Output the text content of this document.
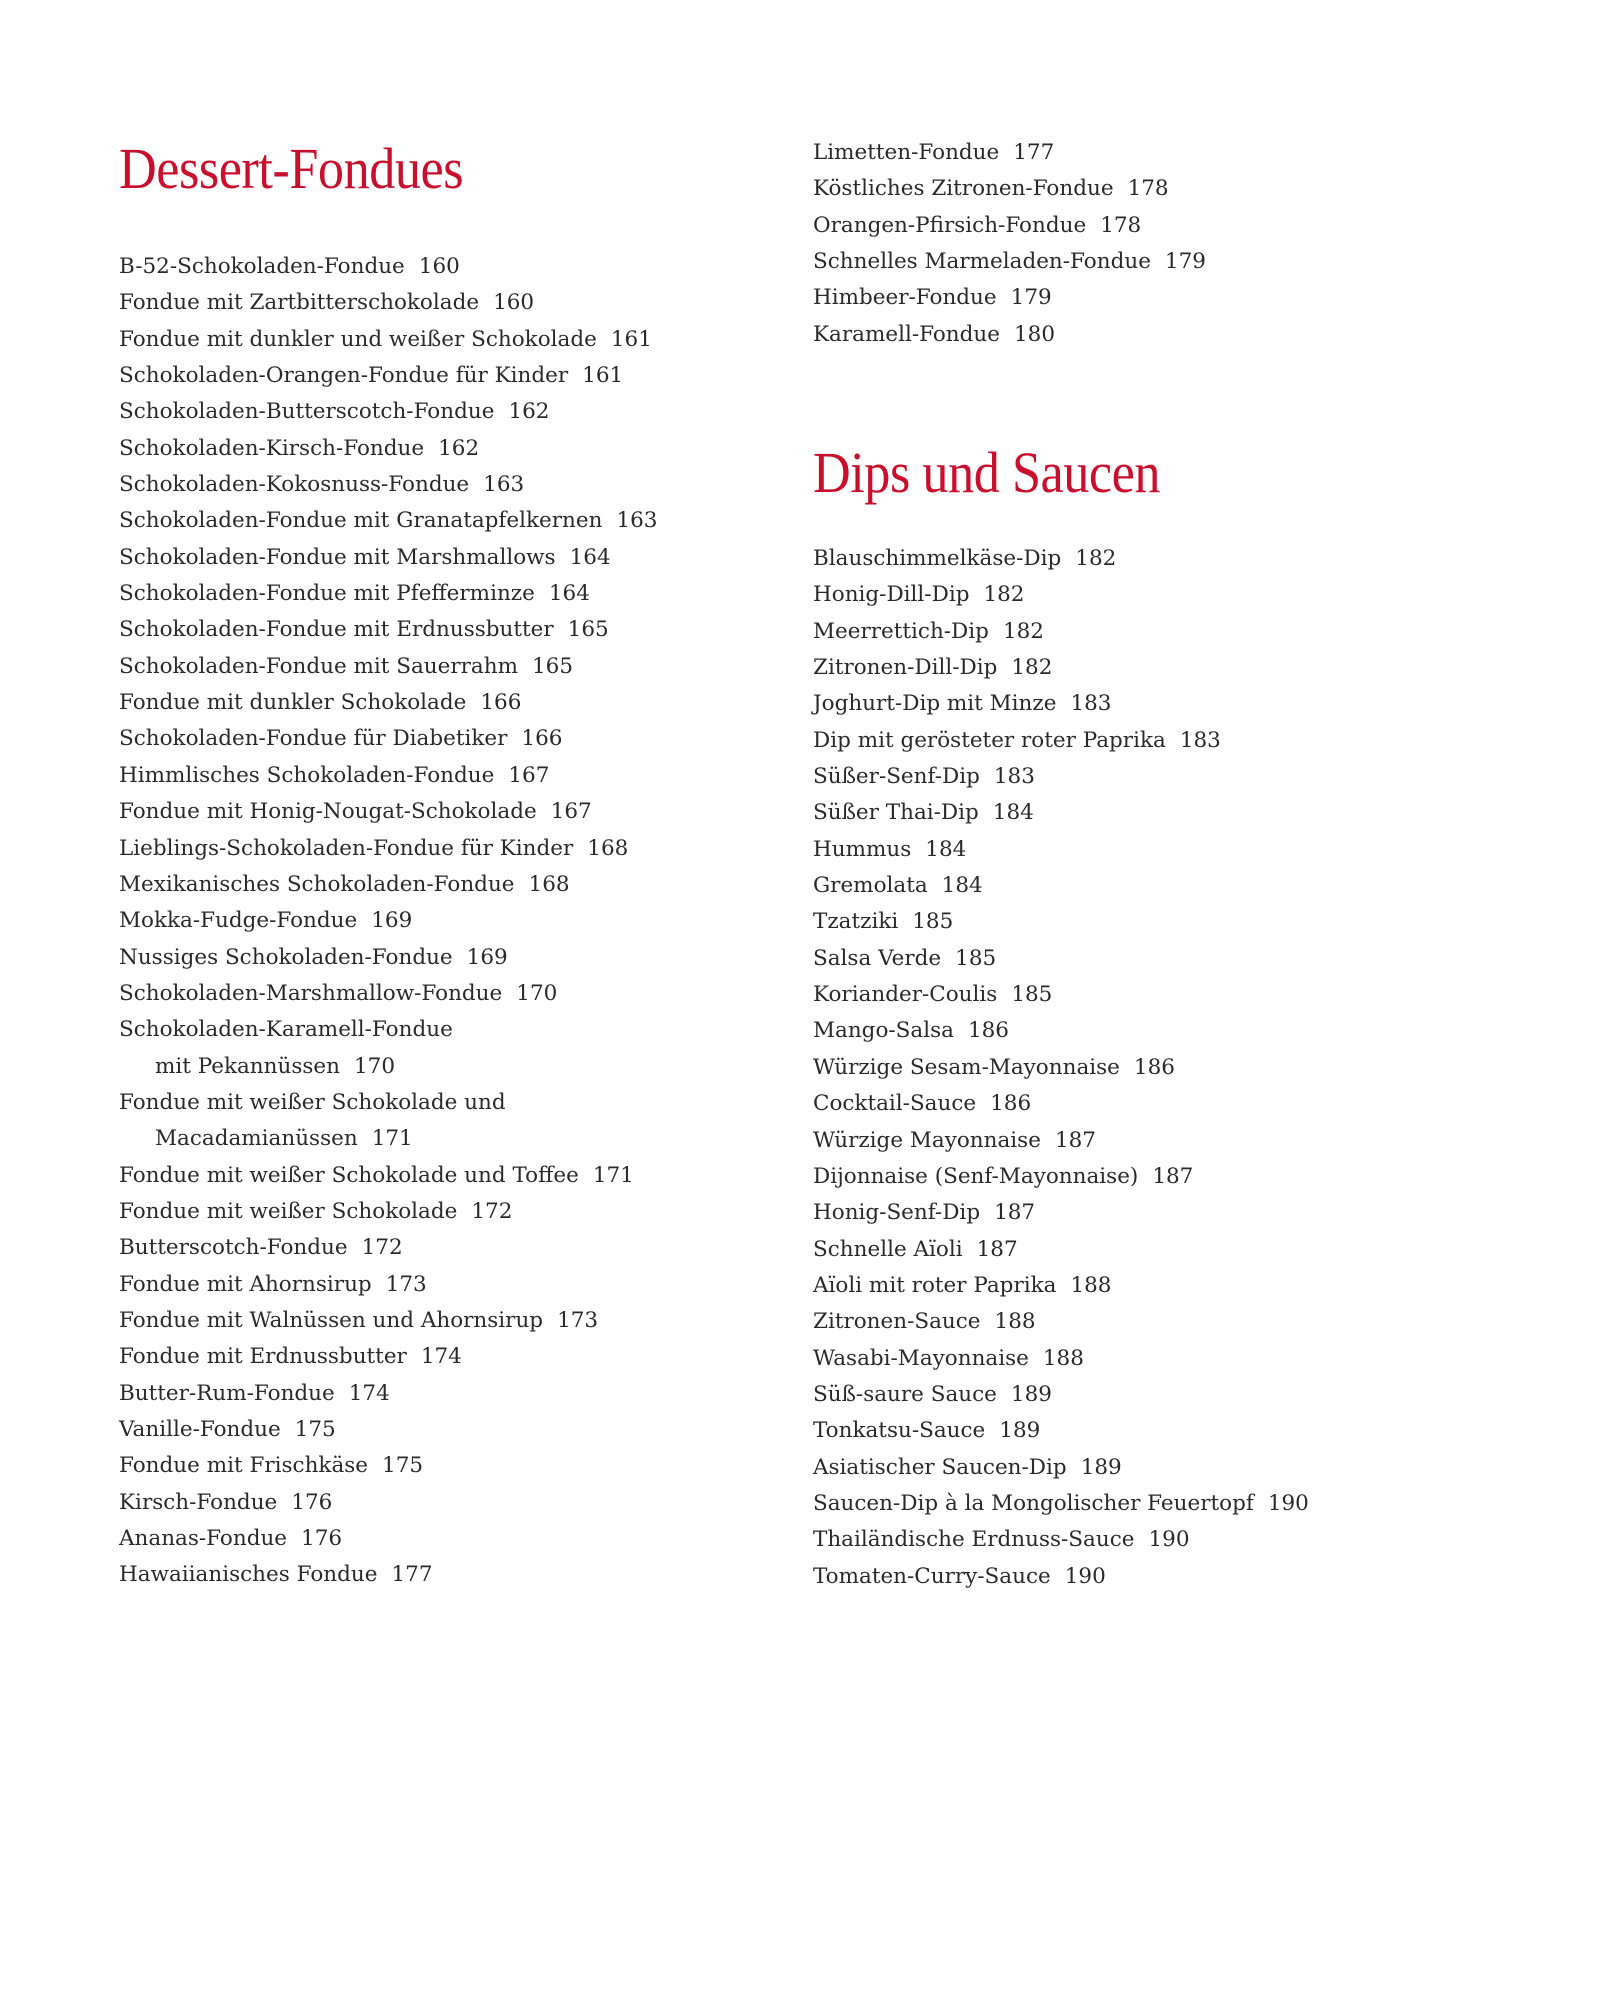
Dessert-Fondues
B-52-Schokoladen-Fondue 160
Fondue mit Zartbitterschokolade 160
Fondue mit dunkler und weißer Schokolade 161
Schokoladen-Orangen-Fondue für Kinder 161
Schokoladen-Butterscotch-Fondue 162
Schokoladen-Kirsch-Fondue 162
Schokoladen-Kokosnuss-Fondue 163
Schokoladen-Fondue mit Granatapfelkernen 163
Schokoladen-Fondue mit Marshmallows 164
Schokoladen-Fondue mit Pfefferminze 164
Schokoladen-Fondue mit Erdnussbutter 165
Schokoladen-Fondue mit Sauerrahm 165
Fondue mit dunkler Schokolade 166
Schokoladen-Fondue für Diabetiker 166
Himmlisches Schokoladen-Fondue 167
Fondue mit Honig-Nougat-Schokolade 167
Lieblings-Schokoladen-Fondue für Kinder 168
Mexikanisches Schokoladen-Fondue 168
Mokka-Fudge-Fondue 169
Nussiges Schokoladen-Fondue 169
Schokoladen-Marshmallow-Fondue 170
Schokoladen-Karamell-Fondue
mit Pekannüssen 170
Fondue mit weißer Schokolade und
Macadamianüssen 171
Fondue mit weißer Schokolade und Toffee 171
Fondue mit weißer Schokolade 172
Butterscotch-Fondue 172
Fondue mit Ahornsirup 173
Fondue mit Walnüssen und Ahornsirup 173
Fondue mit Erdnussbutter 174
Butter-Rum-Fondue 174
Vanille-Fondue 175
Fondue mit Frischkäse 175
Kirsch-Fondue 176
Ananas-Fondue 176
Hawaiianisches Fondue 177
Limetten-Fondue 177
Köstliches Zitronen-Fondue 178
Orangen-Pfirsich-Fondue 178
Schnelles Marmeladen-Fondue 179
Himbeer-Fondue 179
Karamell-Fondue 180
Dips und Saucen
Blauschimmelkäse-Dip 182
Honig-Dill-Dip 182
Meerrettich-Dip 182
Zitronen-Dill-Dip 182
Joghurt-Dip mit Minze 183
Dip mit gerösteter roter Paprika 183
Süßer-Senf-Dip 183
Süßer Thai-Dip 184
Hummus 184
Gremolata 184
Tzatziki 185
Salsa Verde 185
Koriander-Coulis 185
Mango-Salsa 186
Würzige Sesam-Mayonnaise 186
Cocktail-Sauce 186
Würzige Mayonnaise 187
Dijonnaise (Senf-Mayonnaise) 187
Honig-Senf-Dip 187
Schnelle Aïoli 187
Aïoli mit roter Paprika 188
Zitronen-Sauce 188
Wasabi-Mayonnaise 188
Süß-saure Sauce 189
Tonkatsu-Sauce 189
Asiatischer Saucen-Dip 189
Saucen-Dip à la Mongolischer Feuertopf 190
Thailändische Erdnuss-Sauce 190
Tomaten-Curry-Sauce 190
